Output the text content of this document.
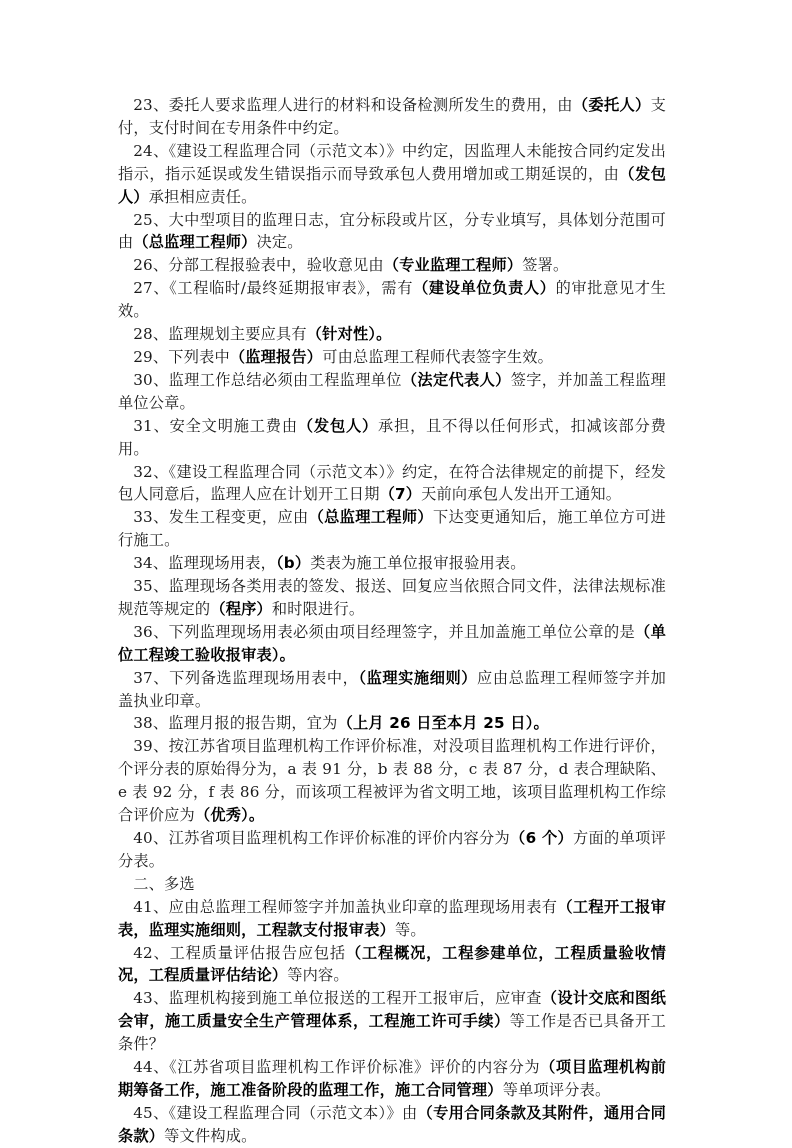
23、委托人要求监理人进行的材料和设备检测所发生的费用，由（委托人）支付，支付时间在专用条件中约定。

24、《建设工程监理合同（示范文本）》中约定，因监理人未能按合同约定发出指示，指示延误或发生错误指示而导致承包人费用增加或工期延误的，由（发包人）承担相应责任。

25、大中型项目的监理日志，宜分标段或片区，分专业填写，具体划分范围可由（总监理工程师）决定。

26、分部工程报验表中，验收意见由（专业监理工程师）签署。

27、《工程临时/最终延期报审表》，需有（建设单位负责人）的审批意见才生效。

28、监理规划主要应具有（针对性）。

29、下列表中（监理报告）可由总监理工程师代表签字生效。

30、监理工作总结必须由工程监理单位（法定代表人）签字，并加盖工程监理单位公章。

31、安全文明施工费由（发包人）承担，且不得以任何形式，扣减该部分费用。

32、《建设工程监理合同（示范文本）》约定，在符合法律规定的前提下，经发包人同意后，监理人应在计划开工日期（7）天前向承包人发出开工通知。

33、发生工程变更，应由（总监理工程师）下达变更通知后，施工单位方可进行施工。

34、监理现场用表，（b）类表为施工单位报审报验用表。

35、监理现场各类用表的签发、报送、回复应当依照合同文件，法律法规标准规范等规定的（程序）和时限进行。

36、下列监理现场用表必须由项目经理签字，并且加盖施工单位公章的是（单位工程竣工验收报审表）。

37、下列备选监理现场用表中，（监理实施细则）应由总监理工程师签字并加盖执业印章。

38、监理月报的报告期，宜为（上月 26 日至本月 25 日）。

39、按江苏省项目监理机构工作评价标准，对没项目监理机构工作进行评价，个评分表的原始得分为，a 表 91 分，b 表 88 分，c 表 87 分，d 表合理缺陷、e 表 92 分，f 表 86 分，而该项工程被评为省文明工地，该项目监理机构工作综合评价应为（优秀）。

40、江苏省项目监理机构工作评价标准的评价内容分为（6 个）方面的单项评分表。

二、多选

41、应由总监理工程师签字并加盖执业印章的监理现场用表有（工程开工报审表，监理实施细则，工程款支付报审表）等。

42、工程质量评估报告应包括（工程概况，工程参建单位，工程质量验收情况，工程质量评估结论）等内容。

43、监理机构接到施工单位报送的工程开工报审后，应审查（设计交底和图纸会审，施工质量安全生产管理体系，工程施工许可手续）等工作是否已具备开工条件？

44、《江苏省项目监理机构工作评价标准》评价的内容分为（项目监理机构前期筹备工作，施工准备阶段的监理工作，施工合同管理）等单项评分表。

45、《建设工程监理合同（示范文本）》由（专用合同条款及其附件，通用合同条款）等文件构成。
